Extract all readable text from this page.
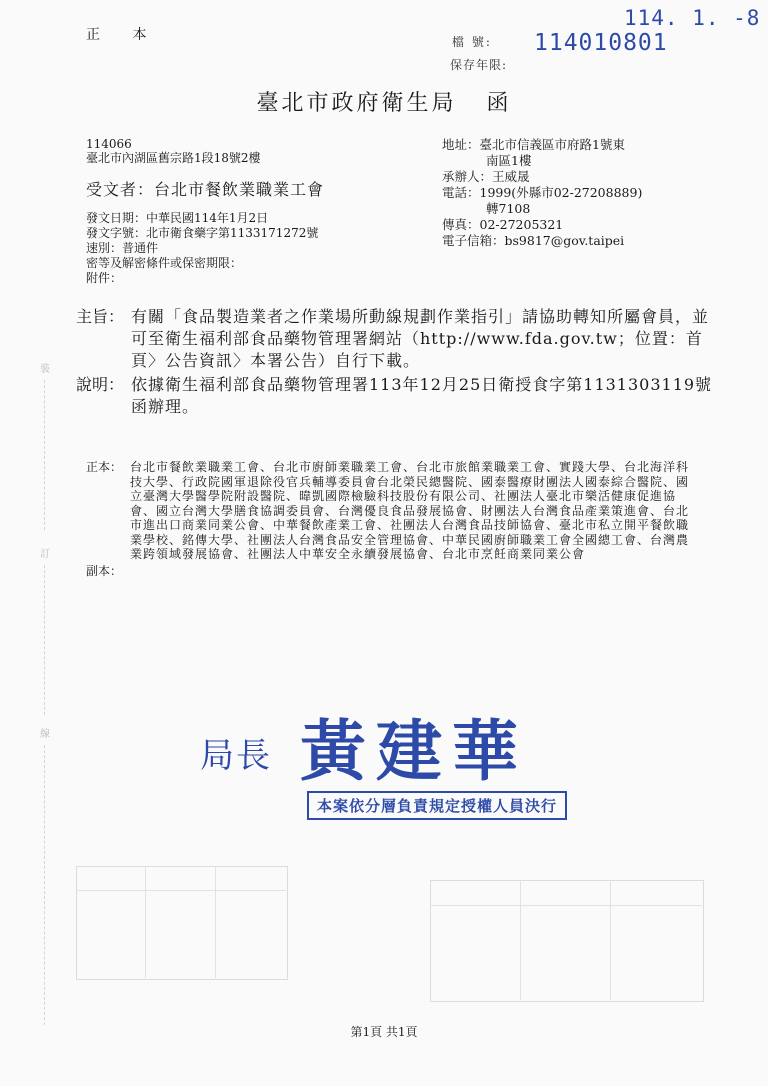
裝
訂
線
正 本
114. 1. -8
檔 號: 114010801
保存年限:
臺北市政府衛生局 函
114066
臺北市內湖區舊宗路1段18號2樓
受文者：台北市餐飲業職業工會
發文日期：中華民國114年1月2日
發文字號：北市衛食藥字第1133171272號
速別：普通件
密等及解密條件或保密期限：
附件：
地址：臺北市信義區市府路1號東
南區1樓
承辦人：王威晟
電話：1999(外縣市02-27208889)
轉7108
傳真：02-27205321
電子信箱：bs9817@gov.taipei
主旨： 有關「食品製造業者之作業場所動線規劃作業指引」請協助轉知所屬會員，並可至衛生福利部食品藥物管理署網站（http://www.fda.gov.tw；位置：首頁〉公告資訊〉本署公告）自行下載。
說明： 依據衛生福利部食品藥物管理署113年12月25日衛授食字第1131303119號函辦理。
正本： 台北市餐飲業職業工會、台北市廚師業職業工會、台北市旅館業職業工會、實踐大學、台北海洋科技大學、行政院國軍退除役官兵輔導委員會台北榮民總醫院、國泰醫療財團法人國泰綜合醫院、國立臺灣大學醫學院附設醫院、暐凱國際檢驗科技股份有限公司、社團法人臺北市樂活健康促進協會、國立台灣大學膳食協調委員會、台灣優良食品發展協會、財團法人台灣食品產業策進會、台北市進出口商業同業公會、中華餐飲產業工會、社團法人台灣食品技師協會、臺北市私立開平餐飲職業學校、銘傳大學、社團法人台灣食品安全管理協會、中華民國廚師職業工會全國總工會、台灣農業跨領域發展協會、社團法人中華安全永續發展協會、台北市烹飪商業同業公會
副本：
局長 黃建華
本案依分層負責規定授權人員決行
第1頁 共1頁
